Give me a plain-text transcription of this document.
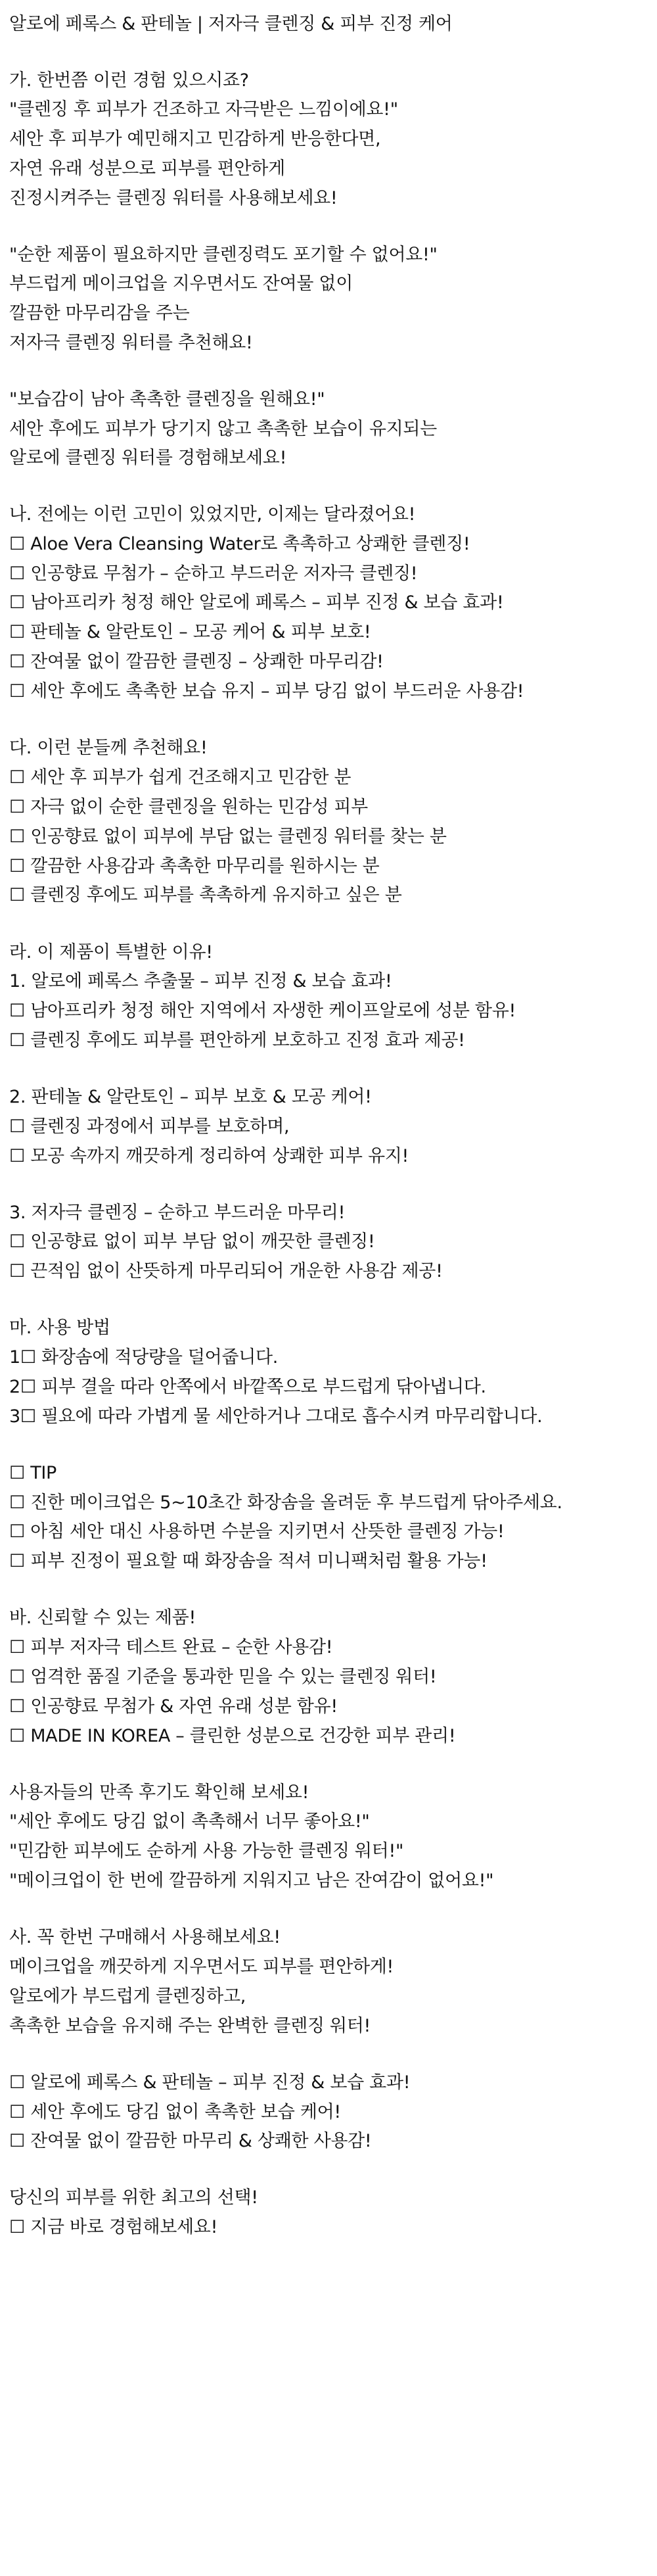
알로에 페록스 & 판테놀 | 저자극 클렌징 & 피부 진정 케어
가. 한번쯤 이런 경험 있으시죠?
"클렌징 후 피부가 건조하고 자극받은 느낌이에요!"
세안 후 피부가 예민해지고 민감하게 반응한다면,
자연 유래 성분으로 피부를 편안하게
진정시켜주는 클렌징 워터를 사용해보세요!
"순한 제품이 필요하지만 클렌징력도 포기할 수 없어요!"
부드럽게 메이크업을 지우면서도 잔여물 없이
깔끔한 마무리감을 주는
저자극 클렌징 워터를 추천해요!
"보습감이 남아 촉촉한 클렌징을 원해요!"
세안 후에도 피부가 당기지 않고 촉촉한 보습이 유지되는
알로에 클렌징 워터를 경험해보세요!
나. 전에는 이런 고민이 있었지만, 이제는 달라졌어요!
☐ Aloe Vera Cleansing Water로 촉촉하고 상쾌한 클렌징!
☐ 인공향료 무첨가 – 순하고 부드러운 저자극 클렌징!
☐ 남아프리카 청정 해안 알로에 페록스 – 피부 진정 & 보습 효과!
☐ 판테놀 & 알란토인 – 모공 케어 & 피부 보호!
☐ 잔여물 없이 깔끔한 클렌징 – 상쾌한 마무리감!
☐ 세안 후에도 촉촉한 보습 유지 – 피부 당김 없이 부드러운 사용감!
다. 이런 분들께 추천해요!
☐ 세안 후 피부가 쉽게 건조해지고 민감한 분
☐ 자극 없이 순한 클렌징을 원하는 민감성 피부
☐ 인공향료 없이 피부에 부담 없는 클렌징 워터를 찾는 분
☐ 깔끔한 사용감과 촉촉한 마무리를 원하시는 분
☐ 클렌징 후에도 피부를 촉촉하게 유지하고 싶은 분
라. 이 제품이 특별한 이유!
1. 알로에 페록스 추출물 – 피부 진정 & 보습 효과!
☐ 남아프리카 청정 해안 지역에서 자생한 케이프알로에 성분 함유!
☐ 클렌징 후에도 피부를 편안하게 보호하고 진정 효과 제공!
2. 판테놀 & 알란토인 – 피부 보호 & 모공 케어!
☐ 클렌징 과정에서 피부를 보호하며,
☐ 모공 속까지 깨끗하게 정리하여 상쾌한 피부 유지!
3. 저자극 클렌징 – 순하고 부드러운 마무리!
☐ 인공향료 없이 피부 부담 없이 깨끗한 클렌징!
☐ 끈적임 없이 산뜻하게 마무리되어 개운한 사용감 제공!
마. 사용 방법
1☐ 화장솜에 적당량을 덜어줍니다.
2☐ 피부 결을 따라 안쪽에서 바깥쪽으로 부드럽게 닦아냅니다.
3☐ 필요에 따라 가볍게 물 세안하거나 그대로 흡수시켜 마무리합니다.
☐ TIP
☐ 진한 메이크업은 5~10초간 화장솜을 올려둔 후 부드럽게 닦아주세요.
☐ 아침 세안 대신 사용하면 수분을 지키면서 산뜻한 클렌징 가능!
☐ 피부 진정이 필요할 때 화장솜을 적셔 미니팩처럼 활용 가능!
바. 신뢰할 수 있는 제품!
☐ 피부 저자극 테스트 완료 – 순한 사용감!
☐ 엄격한 품질 기준을 통과한 믿을 수 있는 클렌징 워터!
☐ 인공향료 무첨가 & 자연 유래 성분 함유!
☐ MADE IN KOREA – 클린한 성분으로 건강한 피부 관리!
사용자들의 만족 후기도 확인해 보세요!
"세안 후에도 당김 없이 촉촉해서 너무 좋아요!"
"민감한 피부에도 순하게 사용 가능한 클렌징 워터!"
"메이크업이 한 번에 깔끔하게 지워지고 남은 잔여감이 없어요!"
사. 꼭 한번 구매해서 사용해보세요!
메이크업을 깨끗하게 지우면서도 피부를 편안하게!
알로에가 부드럽게 클렌징하고,
촉촉한 보습을 유지해 주는 완벽한 클렌징 워터!
☐ 알로에 페록스 & 판테놀 – 피부 진정 & 보습 효과!
☐ 세안 후에도 당김 없이 촉촉한 보습 케어!
☐ 잔여물 없이 깔끔한 마무리 & 상쾌한 사용감!
당신의 피부를 위한 최고의 선택!
☐ 지금 바로 경험해보세요!
